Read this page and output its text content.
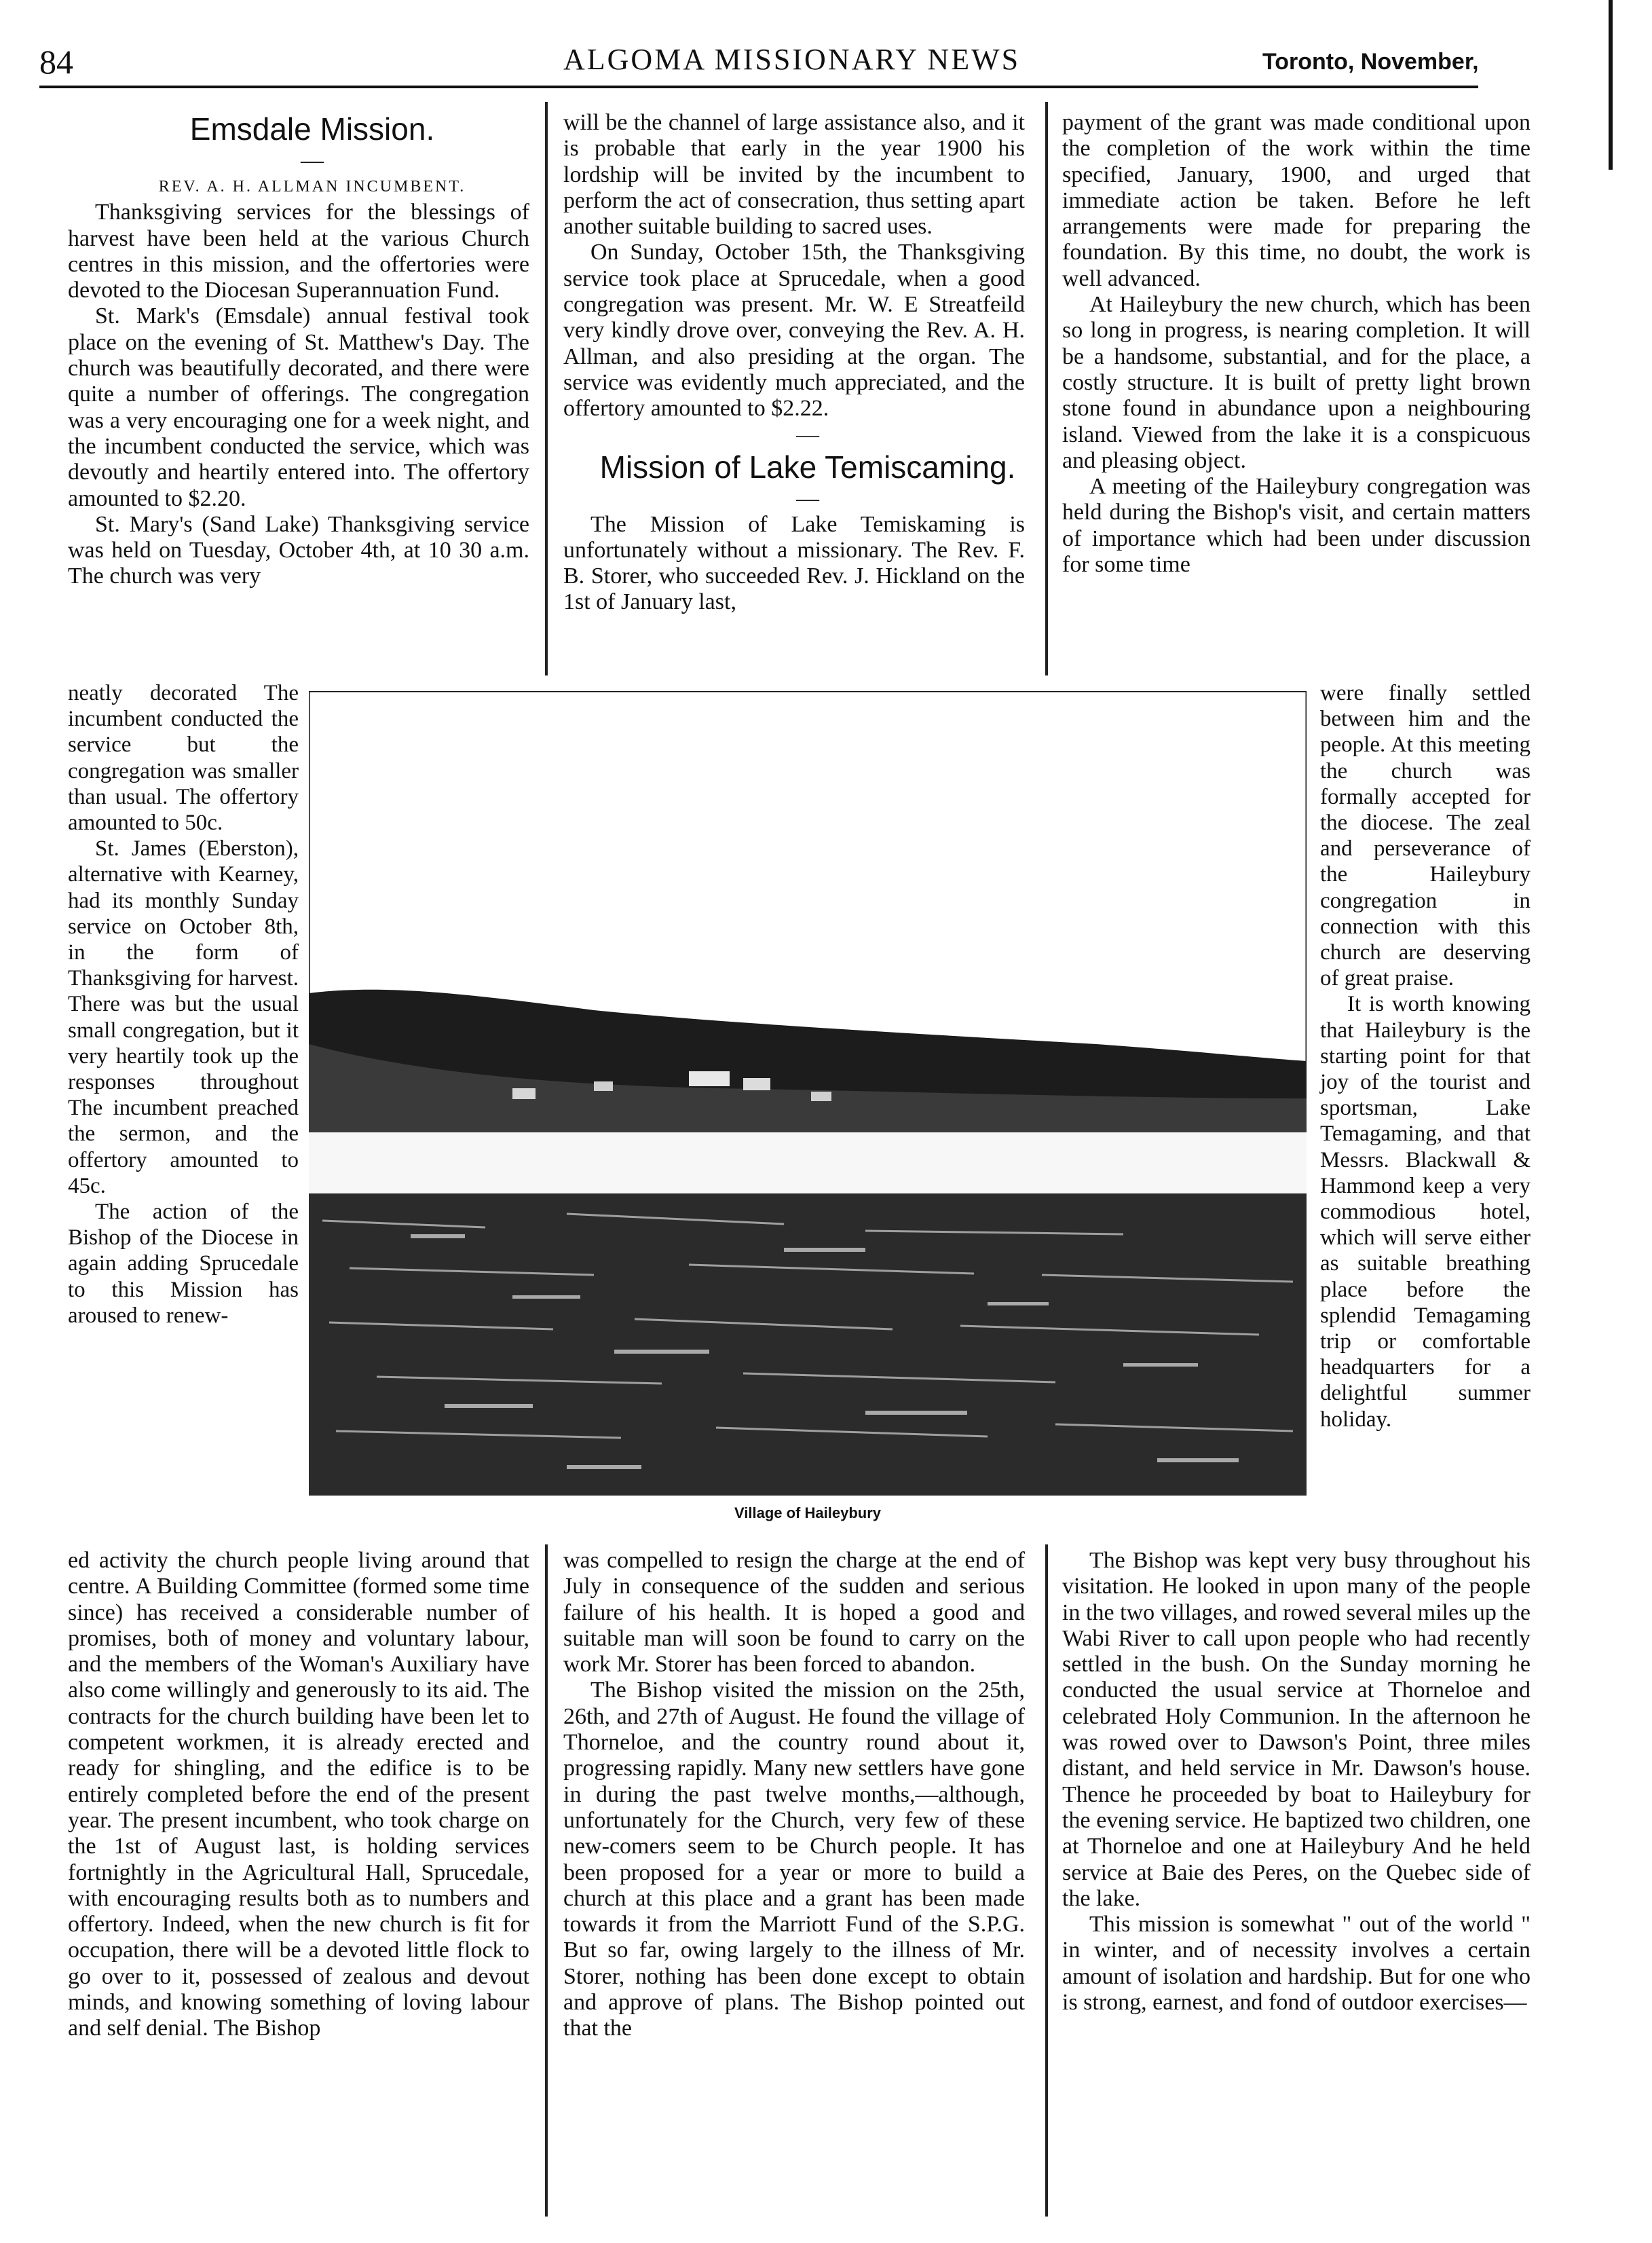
84	ALGOMA MISSIONARY NEWS	Toronto, November,

Emsdale Mission.

—

REV. A. H. ALLMAN INCUMBENT.

Thanksgiving services for the blessings of harvest have been held at the various Church centres in this mission, and the offertories were devoted to the Diocesan Superannuation Fund.

St. Mark's (Emsdale) annual festival took place on the evening of St. Matthew's Day. The church was beautifully decorated, and there were quite a number of offerings. The congregation was a very encouraging one for a week night, and the incumbent conducted the service, which was devoutly and heartily entered into. The offertory amounted to $2.20.

St. Mary's (Sand Lake) Thanksgiving service was held on Tuesday, October 4th, at 10 30 a.m. The church was very

will be the channel of large assistance also, and it is probable that early in the year 1900 his lordship will be invited by the incumbent to perform the act of consecration, thus setting apart another suitable building to sacred uses.

On Sunday, October 15th, the Thanksgiving service took place at Sprucedale, when a good congregation was present. Mr. W. E Streatfeild very kindly drove over, conveying the Rev. A. H. Allman, and also presiding at the organ. The service was evidently much appreciated, and the offertory amounted to $2.22.

—

Mission of Lake Temiscaming.

—

The Mission of Lake Temiskaming is unfortunately without a missionary. The Rev. F. B. Storer, who succeeded Rev. J. Hickland on the 1st of January last,

payment of the grant was made conditional upon the completion of the work within the time specified, January, 1900, and urged that immediate action be taken. Before he left arrangements were made for preparing the foundation. By this time, no doubt, the work is well advanced.

At Haileybury the new church, which has been so long in progress, is nearing completion. It will be a handsome, substantial, and for the place, a costly structure. It is built of pretty light brown stone found in abundance upon a neighbouring island. Viewed from the lake it is a conspicuous and pleasing object.

A meeting of the Haileybury congregation was held during the Bishop's visit, and certain matters of importance which had been under discussion for some time

neatly decorated The incumbent conducted the service but the congregation was smaller than usual. The offertory amounted to 50c.

St. James (Eberston), alternative with Kearney, had its monthly Sunday service on October 8th, in the form of Thanksgiving for harvest. There was but the usual small congregation, but it very heartily took up the responses throughout The incumbent preached the sermon, and the offertory amounted to 45c.

The action of the Bishop of the Diocese in again adding Sprucedale to this Mission has aroused to renew-

Village of Haileybury

were finally settled between him and the people. At this meeting the church was formally accepted for the diocese. The zeal and perseverance of the Haileybury congregation in connection with this church are deserving of great praise.

It is worth knowing that Haileybury is the starting point for that joy of the tourist and sportsman, Lake Temagaming, and that Messrs. Blackwall & Hammond keep a very commodious hotel, which will serve either as suitable breathing place before the splendid Temagaming trip or comfortable headquarters for a delightful summer holiday.

ed activity the church people living around that centre. A Building Committee (formed some time since) has received a considerable number of promises, both of money and voluntary labour, and the members of the Woman's Auxiliary have also come willingly and generously to its aid. The contracts for the church building have been let to competent workmen, it is already erected and ready for shingling, and the edifice is to be entirely completed before the end of the present year. The present incumbent, who took charge on the 1st of August last, is holding services fortnightly in the Agricultural Hall, Sprucedale, with encouraging results both as to numbers and offertory. Indeed, when the new church is fit for occupation, there will be a devoted little flock to go over to it, possessed of zealous and devout minds, and knowing something of loving labour and self denial. The Bishop

was compelled to resign the charge at the end of July in consequence of the sudden and serious failure of his health. It is hoped a good and suitable man will soon be found to carry on the work Mr. Storer has been forced to abandon.

The Bishop visited the mission on the 25th, 26th, and 27th of August. He found the village of Thorneloe, and the country round about it, progressing rapidly. Many new settlers have gone in during the past twelve months,—although, unfortunately for the Church, very few of these new-comers seem to be Church people. It has been proposed for a year or more to build a church at this place and a grant has been made towards it from the Marriott Fund of the S.P.G. But so far, owing largely to the illness of Mr. Storer, nothing has been done except to obtain and approve of plans. The Bishop pointed out that the

The Bishop was kept very busy throughout his visitation. He looked in upon many of the people in the two villages, and rowed several miles up the Wabi River to call upon people who had recently settled in the bush. On the Sunday morning he conducted the usual service at Thorneloe and celebrated Holy Communion. In the afternoon he was rowed over to Dawson's Point, three miles distant, and held service in Mr. Dawson's house. Thence he proceeded by boat to Haileybury for the evening service. He baptized two children, one at Thorneloe and one at Haileybury And he held service at Baie des Peres, on the Quebec side of the lake.

This mission is somewhat " out of the world " in winter, and of necessity involves a certain amount of isolation and hardship. But for one who is strong, earnest, and fond of outdoor exercises—
